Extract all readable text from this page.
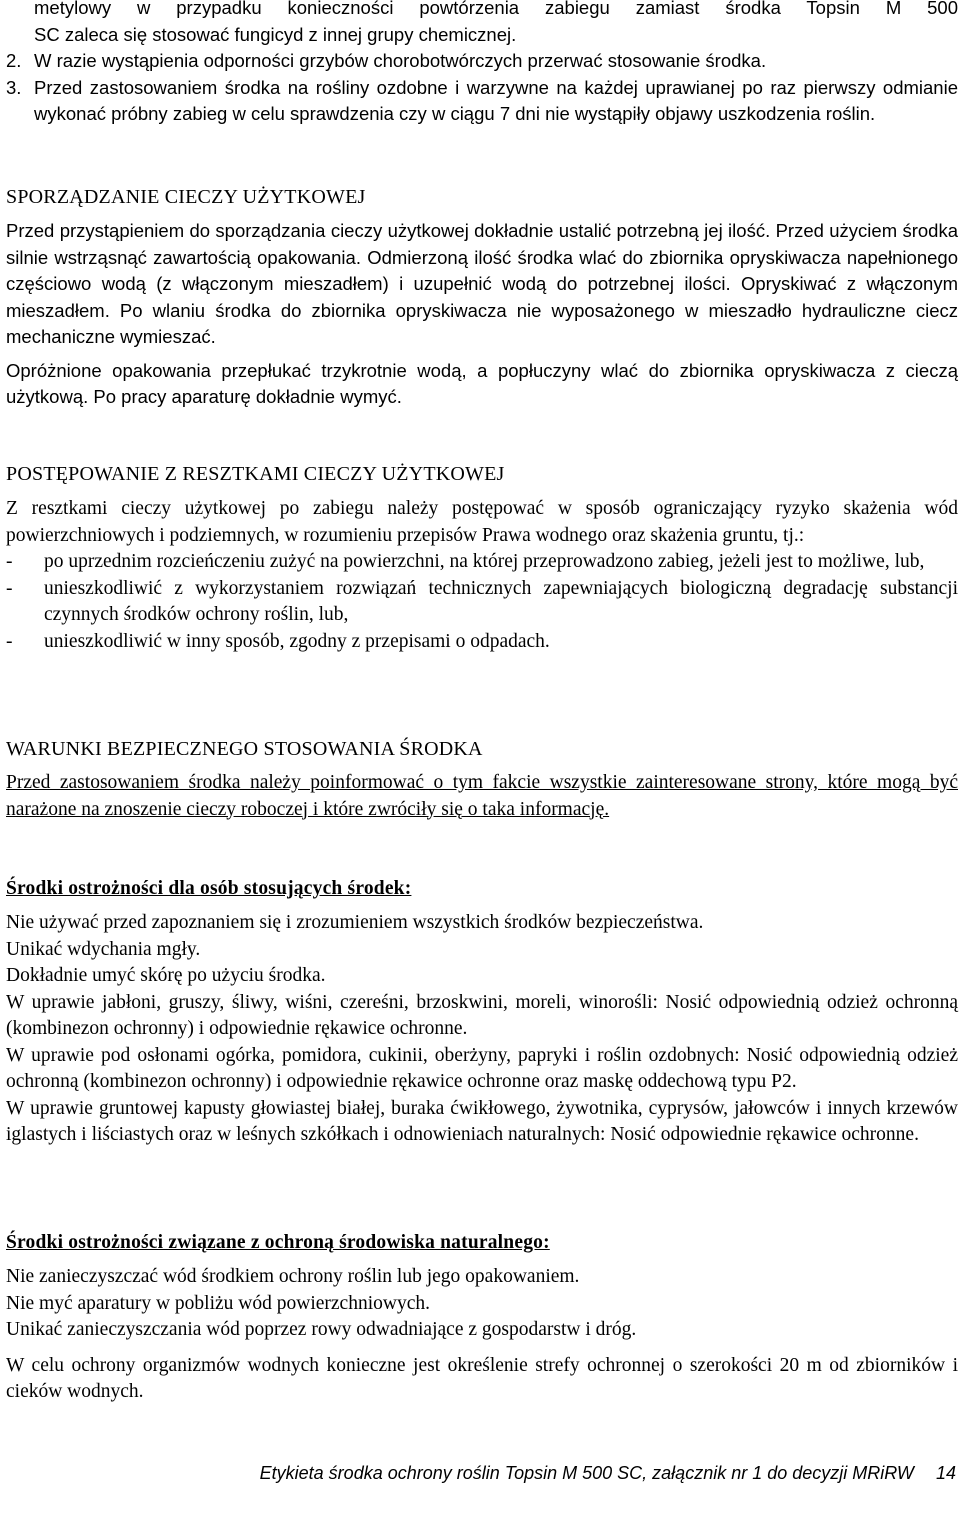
metylowy w przypadku konieczności powtórzenia zabiegu zamiast środka Topsin M 500

SC zaleca się stosować fungicyd z innej grupy chemicznej.

2. W razie wystąpienia odporności grzybów chorobotwórczych przerwać stosowanie środka.
3. Przed zastosowaniem środka na rośliny ozdobne i warzywne na każdej uprawianej po raz pierwszy odmianie wykonać próbny zabieg w celu sprawdzenia czy w ciągu 7 dni nie wystąpiły objawy uszkodzenia roślin.
SPORZĄDZANIE CIECZY UŻYTKOWEJ

Przed przystąpieniem do sporządzania cieczy użytkowej dokładnie ustalić potrzebną jej ilość. Przed użyciem środka silnie wstrząsnąć zawartością opakowania. Odmierzoną ilość środka wlać do zbiornika opryskiwacza napełnionego częściowo wodą (z włączonym mieszadłem) i uzupełnić wodą do potrzebnej ilości. Opryskiwać z włączonym mieszadłem. Po wlaniu środka do zbiornika opryskiwacza nie wyposażonego w mieszadło hydrauliczne ciecz mechaniczne wymieszać.

Opróżnione opakowania przepłukać trzykrotnie wodą, a popłuczyny wlać do zbiornika opryskiwacza z cieczą użytkową. Po pracy aparaturę dokładnie wymyć.

POSTĘPOWANIE Z RESZTKAMI CIECZY UŻYTKOWEJ

Z resztkami cieczy użytkowej po zabiegu należy postępować w sposób ograniczający ryzyko skażenia wód powierzchniowych i podziemnych, w rozumieniu przepisów Prawa wodnego oraz skażenia gruntu, tj.:

-	po uprzednim rozcieńczeniu zużyć na powierzchni, na której przeprowadzono zabieg, jeżeli jest to możliwe, lub,
-	unieszkodliwić z wykorzystaniem rozwiązań technicznych zapewniających biologiczną degradację substancji czynnych środków ochrony roślin, lub,
-	unieszkodliwić w inny sposób, zgodny z przepisami o odpadach.
WARUNKI BEZPIECZNEGO STOSOWANIA ŚRODKA

Przed zastosowaniem środka należy poinformować o tym fakcie wszystkie zainteresowane strony, które mogą być narażone na znoszenie cieczy roboczej i które zwróciły się o taka informację.

Środki ostrożności dla osób stosujących środek:

Nie używać przed zapoznaniem się i zrozumieniem wszystkich środków bezpieczeństwa.

Unikać wdychania mgły.

Dokładnie umyć skórę po użyciu środka.

W uprawie jabłoni, gruszy, śliwy, wiśni, czereśni, brzoskwini, moreli, winorośli: Nosić odpowiednią odzież ochronną (kombinezon ochronny) i odpowiednie rękawice ochronne.

W uprawie pod osłonami ogórka, pomidora, cukinii, oberżyny, papryki i roślin ozdobnych: Nosić odpowiednią odzież ochronną (kombinezon ochronny) i odpowiednie rękawice ochronne oraz maskę oddechową typu P2.

W uprawie gruntowej kapusty głowiastej białej, buraka ćwikłowego, żywotnika, cyprysów, jałowców i innych krzewów iglastych i liściastych oraz w leśnych szkółkach i odnowieniach naturalnych: Nosić odpowiednie rękawice ochronne.

Środki ostrożności związane z ochroną środowiska naturalnego:

Nie zanieczyszczać wód środkiem ochrony roślin lub jego opakowaniem.

Nie myć aparatury w pobliżu wód powierzchniowych.

Unikać zanieczyszczania wód poprzez rowy odwadniające z gospodarstw i dróg.

W celu ochrony organizmów wodnych konieczne jest określenie strefy ochronnej o szerokości 20 m od zbiorników i cieków wodnych.

Etykieta środka ochrony roślin Topsin M 500 SC, załącznik nr 1 do decyzji MRiRW 14
